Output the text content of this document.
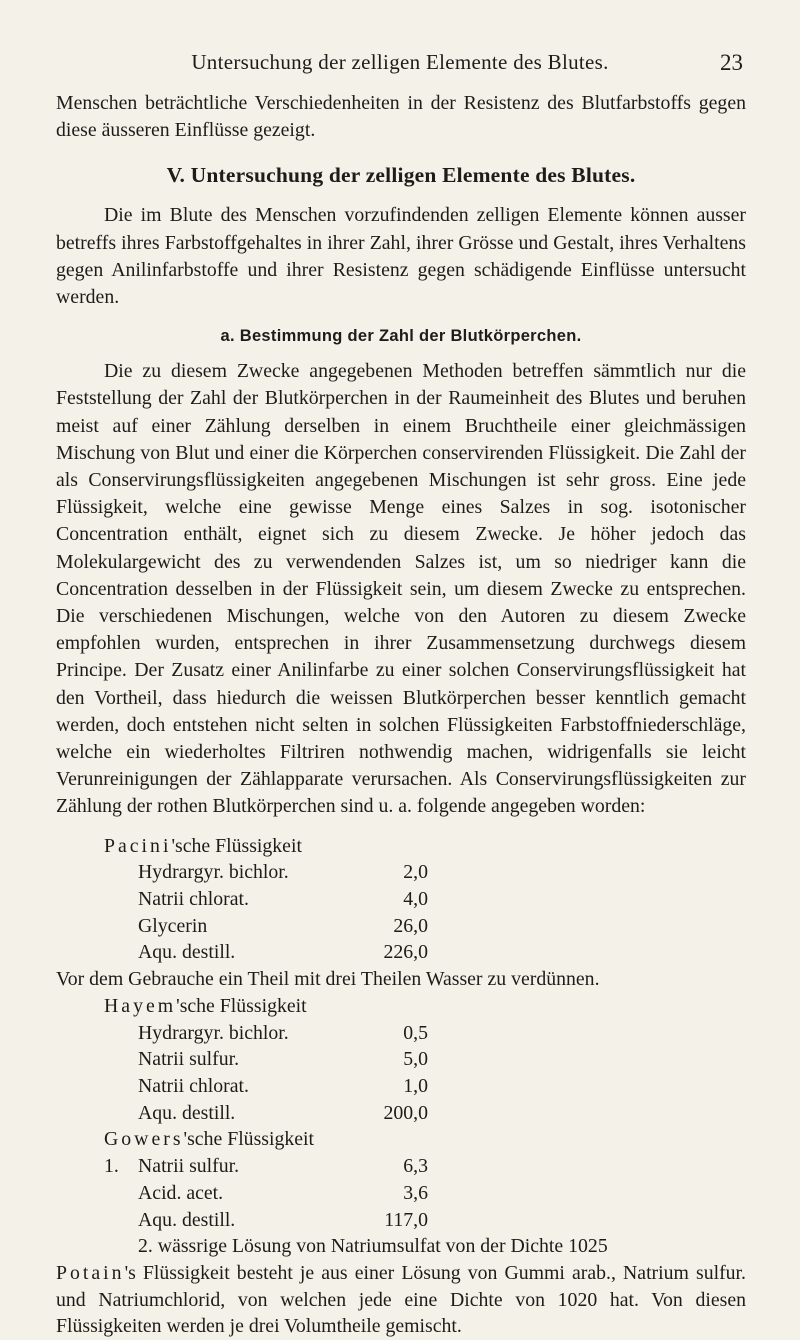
Untersuchung der zelligen Elemente des Blutes.	23

Menschen beträchtliche Verschiedenheiten in der Resistenz des Blutfarbstoffs gegen diese äusseren Einflüsse gezeigt.

V. Untersuchung der zelligen Elemente des Blutes.

Die im Blute des Menschen vorzufindenden zelligen Elemente können ausser betreffs ihres Farbstoffgehaltes in ihrer Zahl, ihrer Grösse und Gestalt, ihres Verhaltens gegen Anilinfarbstoffe und ihrer Resistenz gegen schädigende Einflüsse untersucht werden.

a. Bestimmung der Zahl der Blutkörperchen.

Die zu diesem Zwecke angegebenen Methoden betreffen sämmtlich nur die Feststellung der Zahl der Blutkörperchen in der Raumeinheit des Blutes und beruhen meist auf einer Zählung derselben in einem Bruchtheile einer gleichmässigen Mischung von Blut und einer die Körperchen conservirenden Flüssigkeit. Die Zahl der als Conservirungsflüssigkeiten angegebenen Mischungen ist sehr gross. Eine jede Flüssigkeit, welche eine gewisse Menge eines Salzes in sog. isotonischer Concentration enthält, eignet sich zu diesem Zwecke. Je höher jedoch das Molekulargewicht des zu verwendenden Salzes ist, um so niedriger kann die Concentration desselben in der Flüssigkeit sein, um diesem Zwecke zu entsprechen. Die verschiedenen Mischungen, welche von den Autoren zu diesem Zwecke empfohlen wurden, entsprechen in ihrer Zusammensetzung durchwegs diesem Principe. Der Zusatz einer Anilinfarbe zu einer solchen Conservirungsflüssigkeit hat den Vortheil, dass hiedurch die weissen Blutkörperchen besser kenntlich gemacht werden, doch entstehen nicht selten in solchen Flüssigkeiten Farbstoffniederschläge, welche ein wiederholtes Filtriren nothwendig machen, widrigenfalls sie leicht Verunreinigungen der Zählapparate verursachen. Als Conservirungsflüssigkeiten zur Zählung der rothen Blutkörperchen sind u. a. folgende angegeben worden:

Pacini'sche Flüssigkeit
Hydrargyr. bichlor.	2,0
Natrii chlorat.	4,0
Glycerin	26,0
Aqu. destill.	226,0
Vor dem Gebrauche ein Theil mit drei Theilen Wasser zu verdünnen.
Hayem'sche Flüssigkeit
Hydrargyr. bichlor.	0,5
Natrii sulfur.	5,0
Natrii chlorat.	1,0
Aqu. destill.	200,0
Gowers'sche Flüssigkeit
1. Natrii sulfur.	6,3
Acid. acet.	3,6
Aqu. destill.	117,0
2. wässrige Lösung von Natriumsulfat von der Dichte 1025

Potain's Flüssigkeit besteht je aus einer Lösung von Gummi arab., Natrium sulfur. und Natriumchlorid, von welchen jede eine Dichte von 1020 hat. Von diesen Flüssigkeiten werden je drei Volumtheile gemischt.
